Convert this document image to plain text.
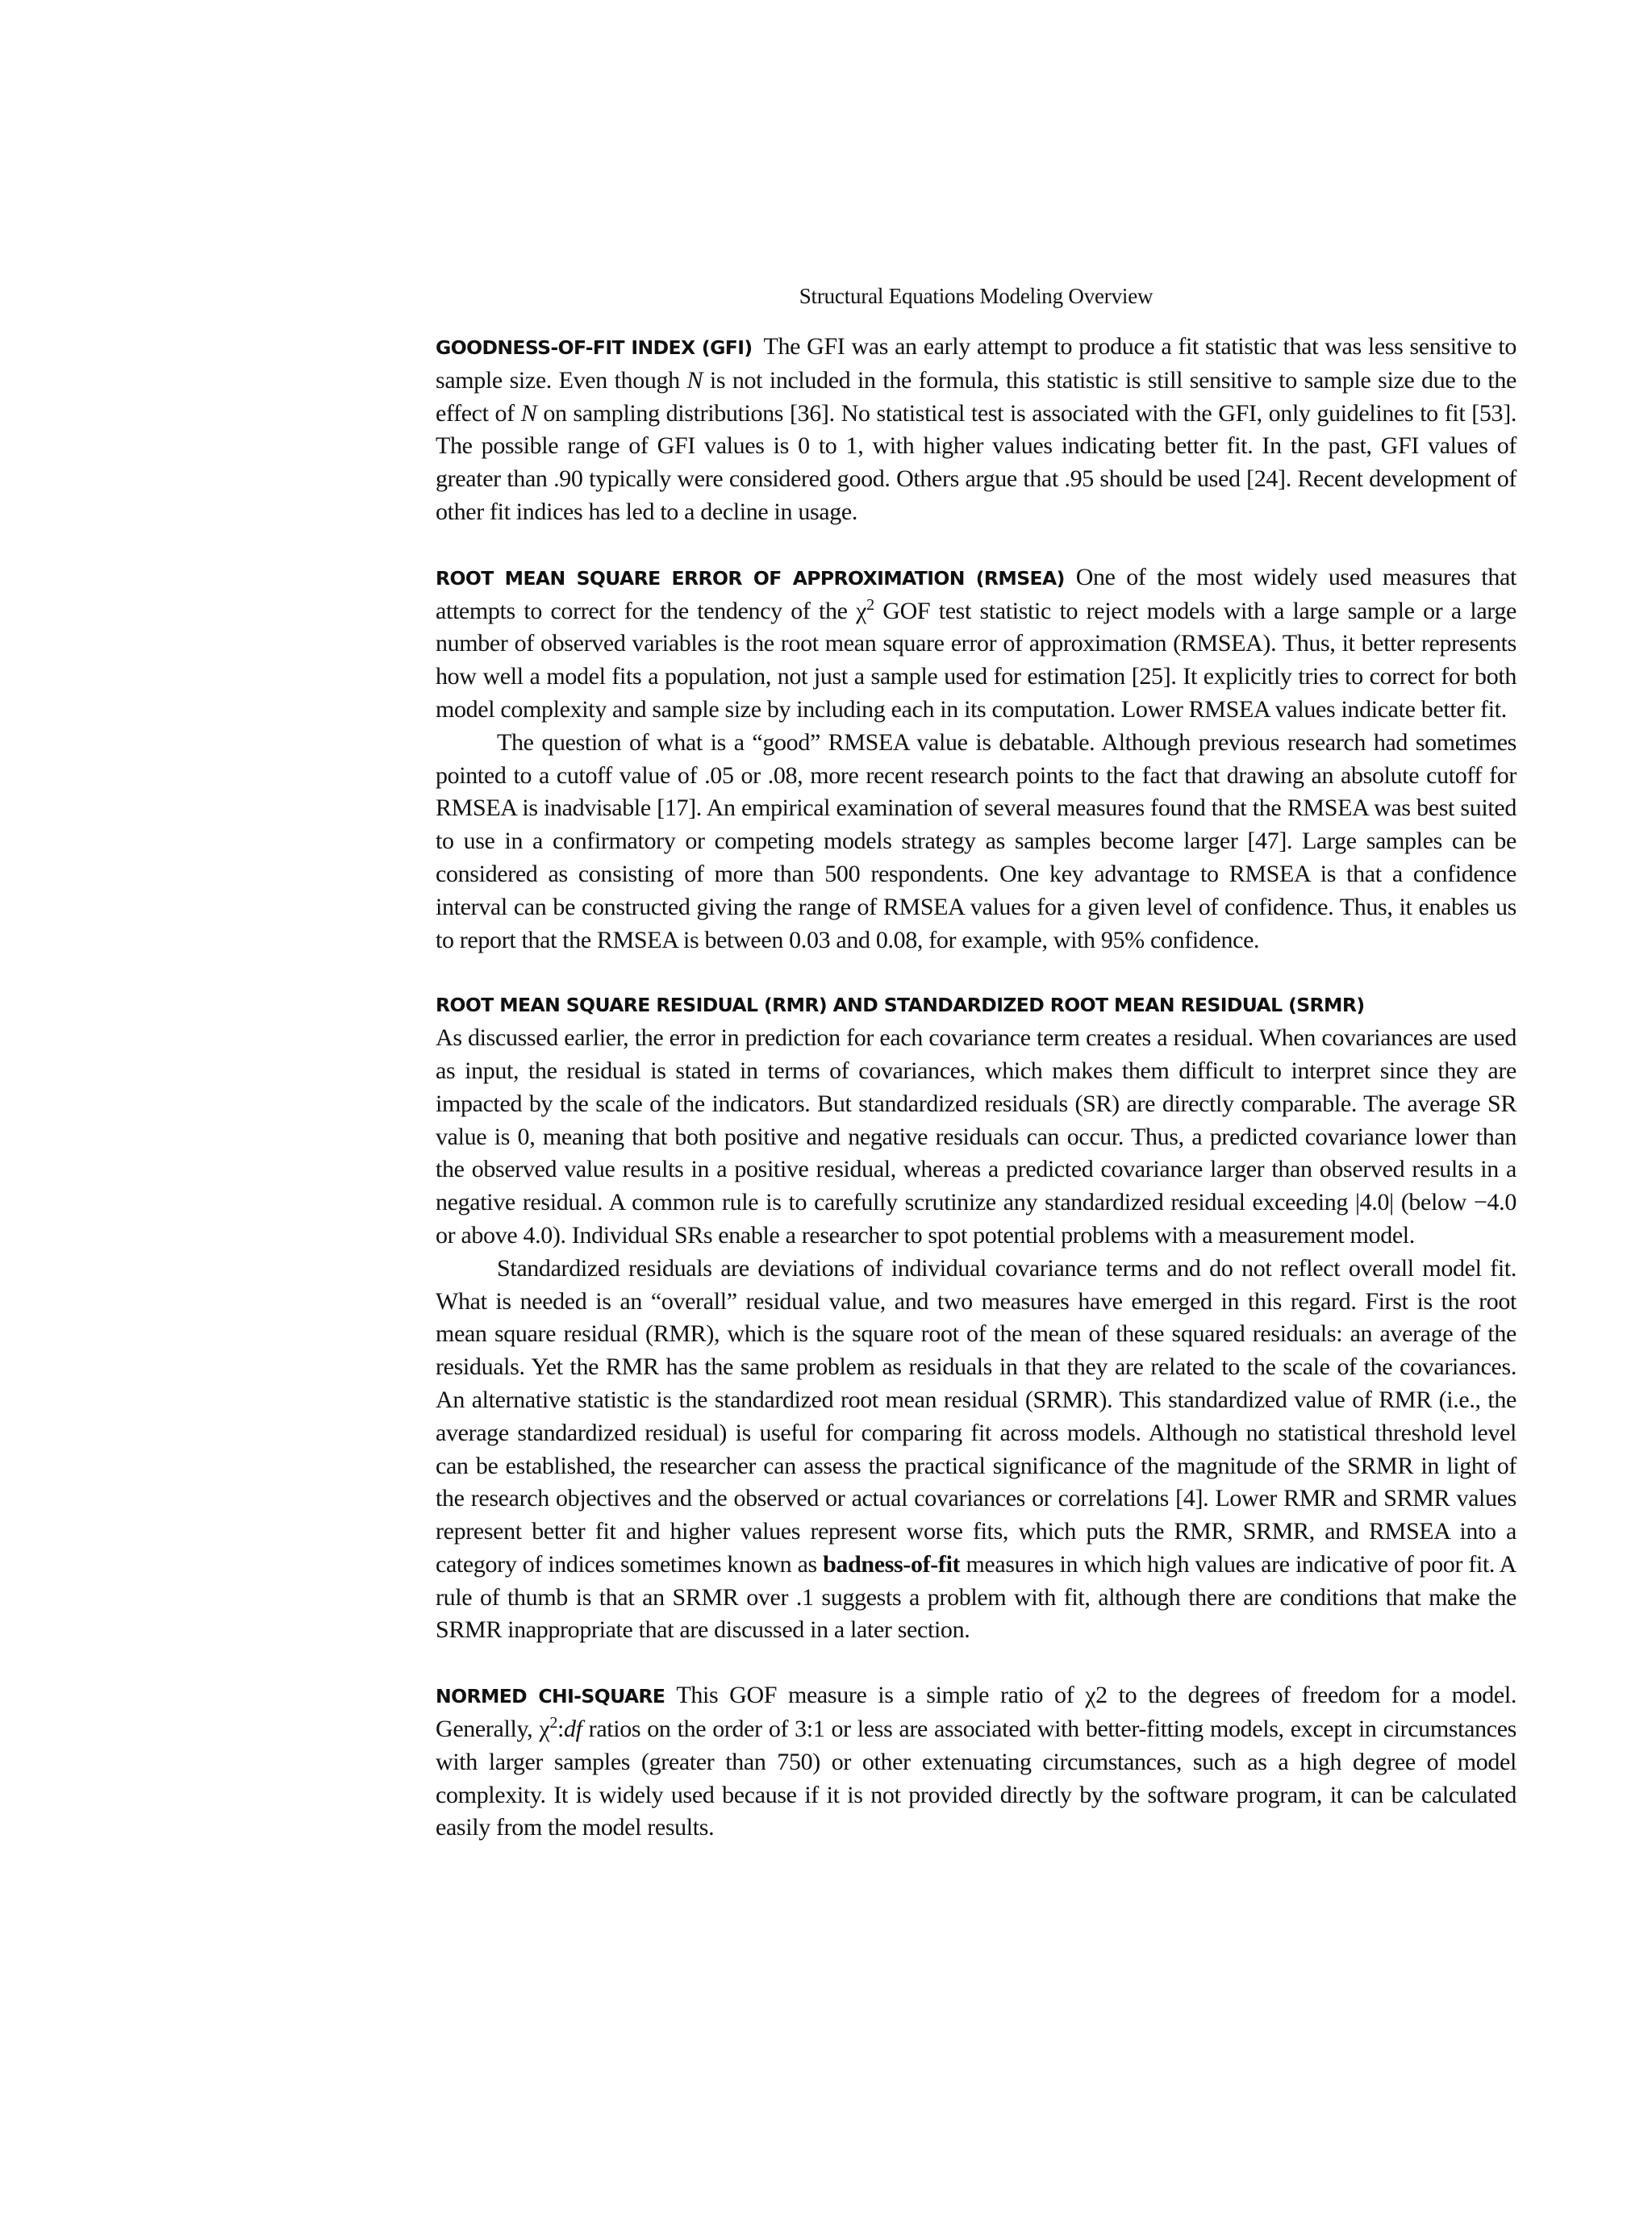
Structural Equations Modeling Overview

GOODNESS-OF-FIT INDEX (GFI) The GFI was an early attempt to produce a fit statistic that was less sensitive to sample size. Even though N is not included in the formula, this statistic is still sensitive to sample size due to the effect of N on sampling distributions [36]. No statistical test is associated with the GFI, only guidelines to fit [53]. The possible range of GFI values is 0 to 1, with higher values indicating better fit. In the past, GFI values of greater than .90 typically were considered good. Others argue that .95 should be used [24]. Recent development of other fit indices has led to a decline in usage.

ROOT MEAN SQUARE ERROR OF APPROXIMATION (RMSEA) One of the most widely used measures that attempts to correct for the tendency of the $\chi^2$ GOF test statistic to reject models with a large sample or a large number of observed variables is the root mean square error of approximation (RMSEA). Thus, it better represents how well a model fits a population, not just a sample used for estimation [25]. It explicitly tries to correct for both model complexity and sample size by including each in its computation. Lower RMSEA values indicate better fit.

The question of what is a “good” RMSEA value is debatable. Although previous research had sometimes pointed to a cutoff value of .05 or .08, more recent research points to the fact that drawing an absolute cutoff for RMSEA is inadvisable [17]. An empirical examination of several measures found that the RMSEA was best suited to use in a confirmatory or competing models strategy as samples become larger [47]. Large samples can be considered as consisting of more than 500 respondents. One key advantage to RMSEA is that a confidence interval can be constructed giving the range of RMSEA values for a given level of confidence. Thus, it enables us to report that the RMSEA is between 0.03 and 0.08, for example, with 95% confidence.

ROOT MEAN SQUARE RESIDUAL (RMR) AND STANDARDIZED ROOT MEAN RESIDUAL (SRMR)
As discussed earlier, the error in prediction for each covariance term creates a residual. When covariances are used as input, the residual is stated in terms of covariances, which makes them difficult to interpret since they are impacted by the scale of the indicators. But standardized residuals (SR) are directly comparable. The average SR value is 0, meaning that both positive and negative residuals can occur. Thus, a predicted covariance lower than the observed value results in a positive residual, whereas a predicted covariance larger than observed results in a negative residual. A common rule is to carefully scrutinize any standardized residual exceeding |4.0| (below −4.0 or above 4.0). Individual SRs enable a researcher to spot potential problems with a measurement model.

Standardized residuals are deviations of individual covariance terms and do not reflect overall model fit. What is needed is an “overall” residual value, and two measures have emerged in this regard. First is the root mean square residual (RMR), which is the square root of the mean of these squared residuals: an average of the residuals. Yet the RMR has the same problem as residuals in that they are related to the scale of the covariances. An alternative statistic is the standardized root mean residual (SRMR). This standardized value of RMR (i.e., the average standardized residual) is useful for comparing fit across models. Although no statistical threshold level can be established, the researcher can assess the practical significance of the magnitude of the SRMR in light of the research objectives and the observed or actual covariances or correlations [4]. Lower RMR and SRMR values represent better fit and higher values represent worse fits, which puts the RMR, SRMR, and RMSEA into a category of indices sometimes known as badness-of-fit measures in which high values are indicative of poor fit. A rule of thumb is that an SRMR over .1 suggests a problem with fit, although there are conditions that make the SRMR inappropriate that are discussed in a later section.

NORMED CHI-SQUARE This GOF measure is a simple ratio of χ2 to the degrees of freedom for a model. Generally, $\chi^2:df$ ratios on the order of 3:1 or less are associated with better-fitting models, except in circumstances with larger samples (greater than 750) or other extenuating circumstances, such as a high degree of model complexity. It is widely used because if it is not provided directly by the software program, it can be calculated easily from the model results.
